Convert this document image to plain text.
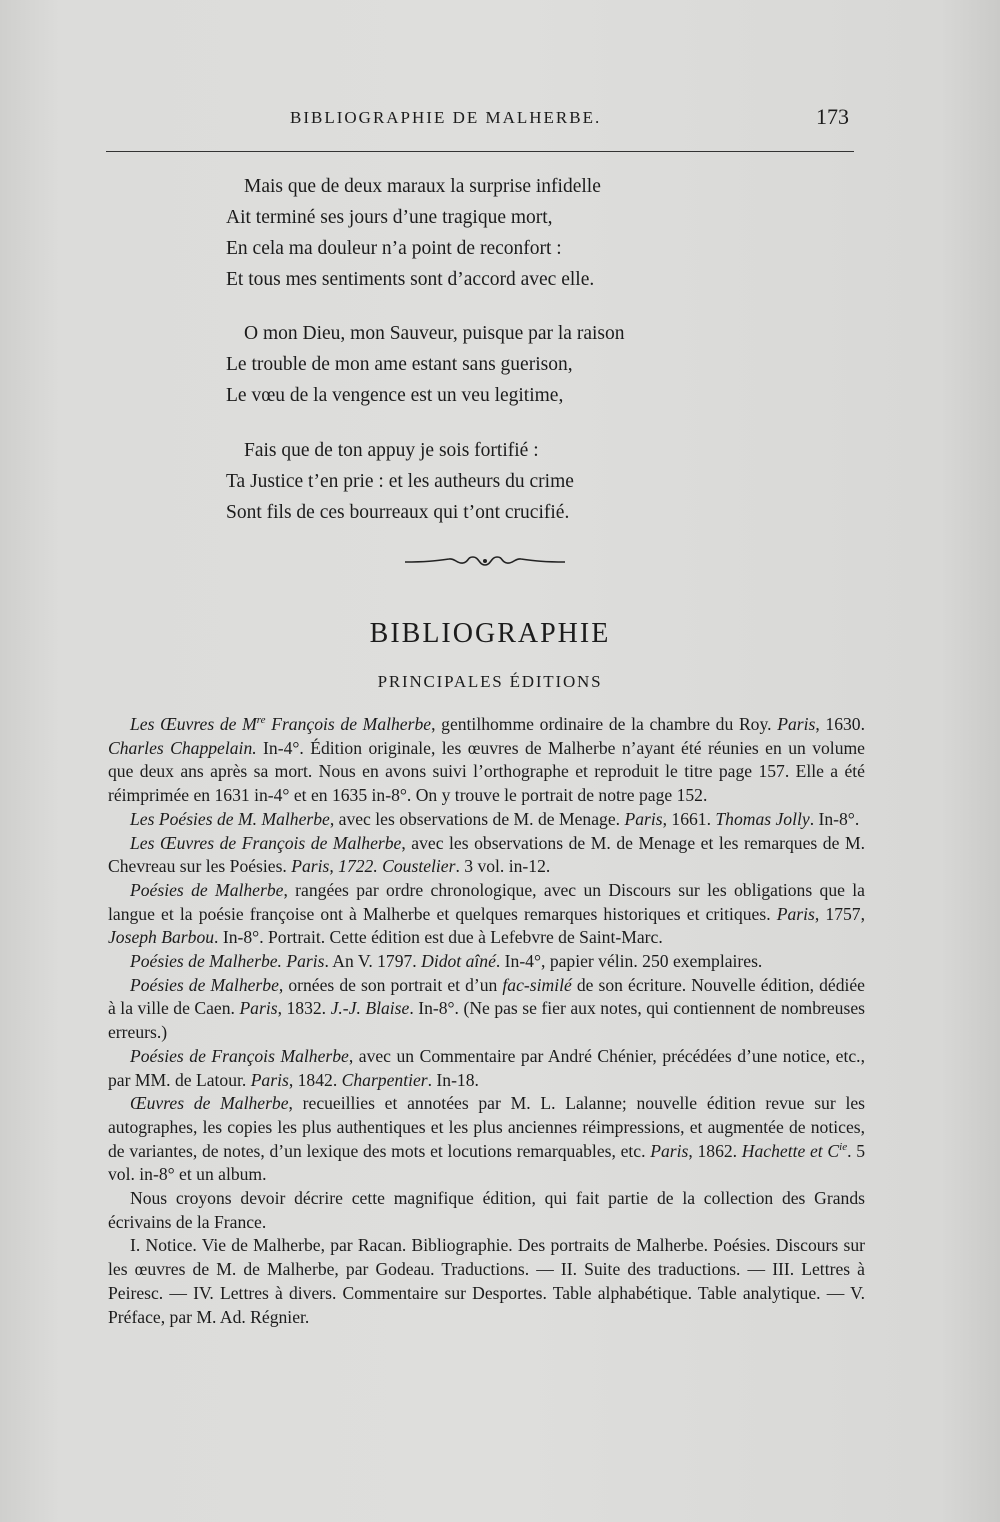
BIBLIOGRAPHIE DE MALHERBE.	173
Mais que de deux maraux la surprise infidelle
Ait terminé ses jours d’une tragique mort,
En cela ma douleur n’a point de reconfort :
Et tous mes sentiments sont d’accord avec elle.
O mon Dieu, mon Sauveur, puisque par la raison
Le trouble de mon ame estant sans guerison,
Le vœu de la vengence est un veu legitime,
Fais que de ton appuy je sois fortifié :
Ta Justice t’en prie : et les autheurs du crime
Sont fils de ces bourreaux qui t’ont crucifié.
BIBLIOGRAPHIE
PRINCIPALES ÉDITIONS
Les Œuvres de Mre François de Malherbe, gentilhomme ordinaire de la chambre du Roy. Paris, 1630. Charles Chappelain. In-4°. Édition originale, les œuvres de Malherbe n’ayant été réunies en un volume que deux ans après sa mort. Nous en avons suivi l’orthographe et reproduit le titre page 157. Elle a été réimprimée en 1631 in-4° et en 1635 in-8°. On y trouve le portrait de notre page 152.
Les Poésies de M. Malherbe, avec les observations de M. de Menage. Paris, 1661. Thomas Jolly. In-8°.
Les Œuvres de François de Malherbe, avec les observations de M. de Menage et les remarques de M. Chevreau sur les Poésies. Paris, 1722. Coustelier. 3 vol. in-12.
Poésies de Malherbe, rangées par ordre chronologique, avec un Discours sur les obligations que la langue et la poésie françoise ont à Malherbe et quelques remarques historiques et critiques. Paris, 1757, Joseph Barbou. In-8°. Portrait. Cette édition est due à Lefebvre de Saint-Marc.
Poésies de Malherbe. Paris. An V. 1797. Didot aîné. In-4°, papier vélin. 250 exemplaires.
Poésies de Malherbe, ornées de son portrait et d’un fac-similé de son écriture. Nouvelle édition, dédiée à la ville de Caen. Paris, 1832. J.-J. Blaise. In-8°. (Ne pas se fier aux notes, qui contiennent de nombreuses erreurs.)
Poésies de François Malherbe, avec un Commentaire par André Chénier, précédées d’une notice, etc., par MM. de Latour. Paris, 1842. Charpentier. In-18.
Œuvres de Malherbe, recueillies et annotées par M. L. Lalanne; nouvelle édition revue sur les autographes, les copies les plus authentiques et les plus anciennes réimpressions, et augmentée de notices, de variantes, de notes, d’un lexique des mots et locutions remarquables, etc. Paris, 1862. Hachette et $C^{ie}$. 5 vol. in-8° et un album.
Nous croyons devoir décrire cette magnifique édition, qui fait partie de la collection des Grands écrivains de la France.
I. Notice. Vie de Malherbe, par Racan. Bibliographie. Des portraits de Malherbe. Poésies. Discours sur les œuvres de M. de Malherbe, par Godeau. Traductions. — II. Suite des traductions. — III. Lettres à Peiresc. — IV. Lettres à divers. Commentaire sur Desportes. Table alphabétique. Table analytique. — V. Préface, par M. Ad. Régnier.
